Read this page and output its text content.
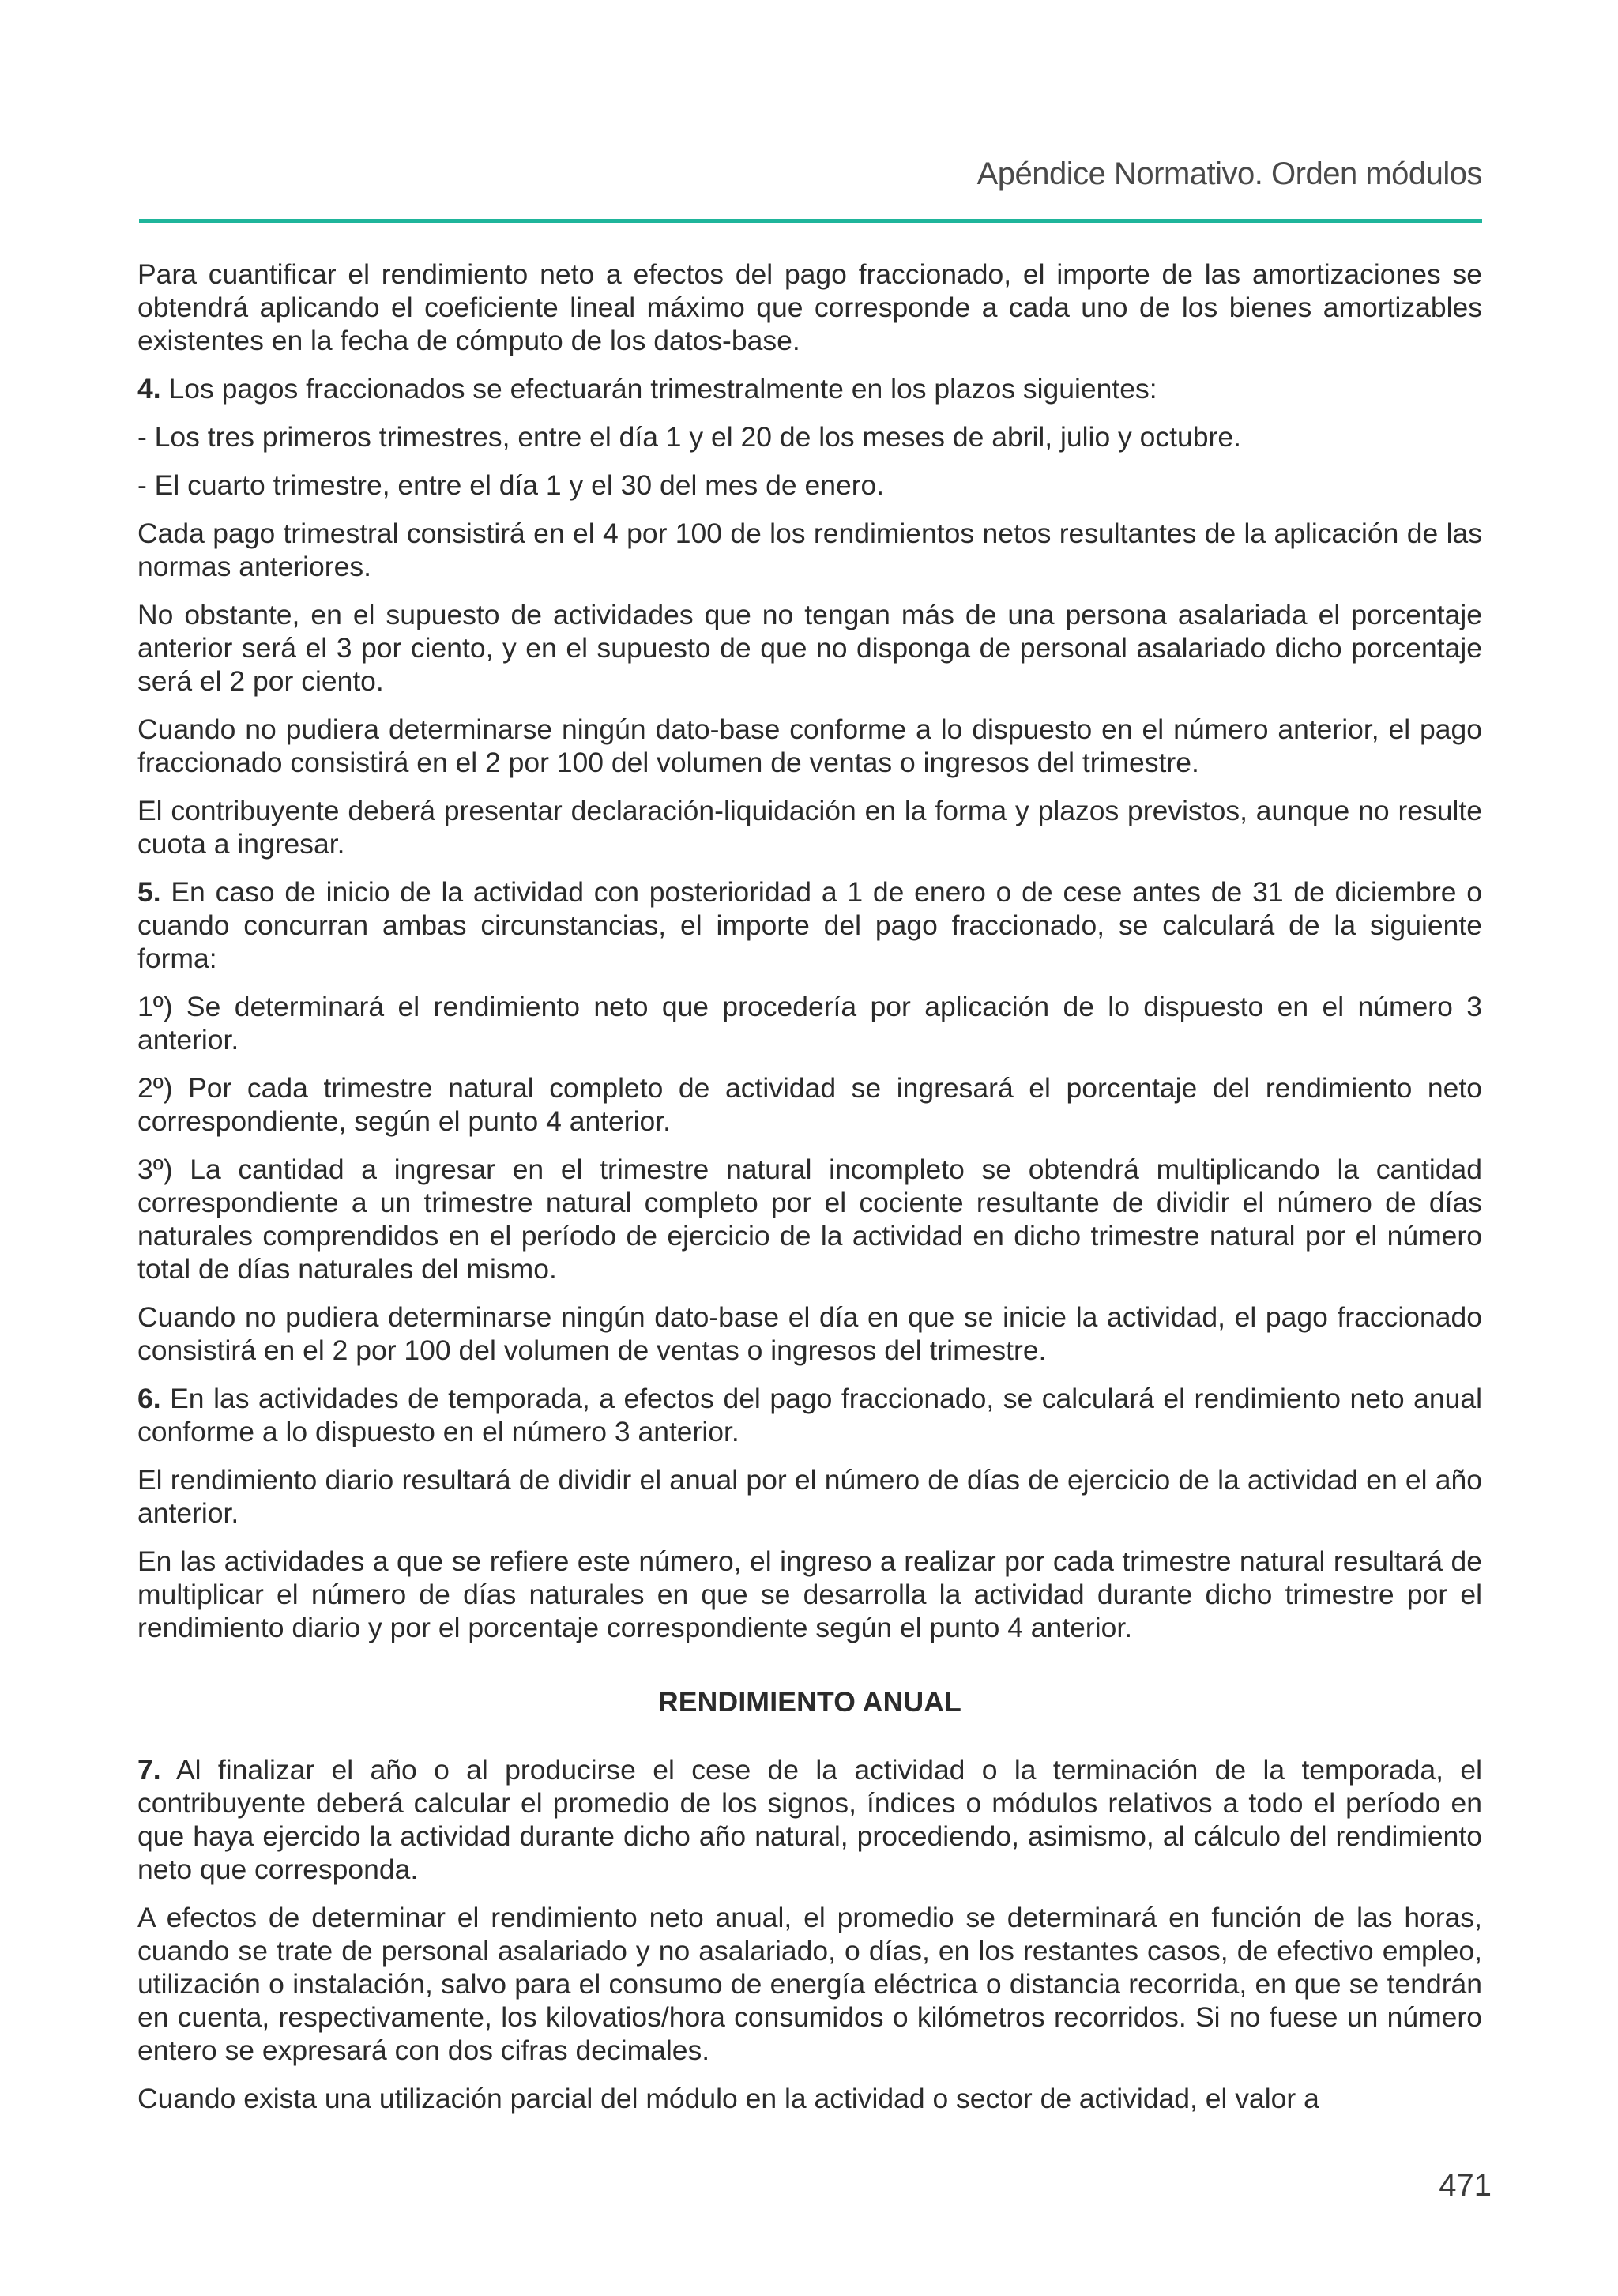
Apéndice Normativo. Orden módulos

Para cuantificar el rendimiento neto a efectos del pago fraccionado, el importe de las amortizaciones se obtendrá aplicando el coeficiente lineal máximo que corresponde a cada uno de los bienes amortizables existentes en la fecha de cómputo de los datos-base.

4. Los pagos fraccionados se efectuarán trimestralmente en los plazos siguientes:

- Los tres primeros trimestres, entre el día 1 y el 20 de los meses de abril, julio y octubre.

- El cuarto trimestre, entre el día 1 y el 30 del mes de enero.

Cada pago trimestral consistirá en el 4 por 100 de los rendimientos netos resultantes de la aplicación de las normas anteriores.

No obstante, en el supuesto de actividades que no tengan más de una persona asalariada el porcentaje anterior será el 3 por ciento, y en el supuesto de que no disponga de personal asalariado dicho porcentaje será el 2 por ciento.

Cuando no pudiera determinarse ningún dato-base conforme a lo dispuesto en el número anterior, el pago fraccionado consistirá en el 2 por 100 del volumen de ventas o ingresos del trimestre.

El contribuyente deberá presentar declaración-liquidación en la forma y plazos previstos, aunque no resulte cuota a ingresar.

5. En caso de inicio de la actividad con posterioridad a 1 de enero o de cese antes de 31 de diciembre o cuando concurran ambas circunstancias, el importe del pago fraccionado, se calculará de la siguiente forma:

1º) Se determinará el rendimiento neto que procedería por aplicación de lo dispuesto en el número 3 anterior.

2º) Por cada trimestre natural completo de actividad se ingresará el porcentaje del rendimiento neto correspondiente, según el punto 4 anterior.

3º) La cantidad a ingresar en el trimestre natural incompleto se obtendrá multiplicando la cantidad correspondiente a un trimestre natural completo por el cociente resultante de dividir el número de días naturales comprendidos en el período de ejercicio de la actividad en dicho trimestre natural por el número total de días naturales del mismo.

Cuando no pudiera determinarse ningún dato-base el día en que se inicie la actividad, el pago fraccionado consistirá en el 2 por 100 del volumen de ventas o ingresos del trimestre.

6. En las actividades de temporada, a efectos del pago fraccionado, se calculará el rendimiento neto anual conforme a lo dispuesto en el número 3 anterior.

El rendimiento diario resultará de dividir el anual por el número de días de ejercicio de la actividad en el año anterior.

En las actividades a que se refiere este número, el ingreso a realizar por cada trimestre natural resultará de multiplicar el número de días naturales en que se desarrolla la actividad durante dicho trimestre por el rendimiento diario y por el porcentaje correspondiente según el punto 4 anterior.

RENDIMIENTO ANUAL

7. Al finalizar el año o al producirse el cese de la actividad o la terminación de la temporada, el contribuyente deberá calcular el promedio de los signos, índices o módulos relativos a todo el período en que haya ejercido la actividad durante dicho año natural, procediendo, asimismo, al cálculo del rendimiento neto que corresponda.

A efectos de determinar el rendimiento neto anual, el promedio se determinará en función de las horas, cuando se trate de personal asalariado y no asalariado, o días, en los restantes casos, de efectivo empleo, utilización o instalación, salvo para el consumo de energía eléctrica o distancia recorrida, en que se tendrán en cuenta, respectivamente, los kilovatios/hora consumidos o kilómetros recorridos. Si no fuese un número entero se expresará con dos cifras decimales.

Cuando exista una utilización parcial del módulo en la actividad o sector de actividad, el valor a

471
